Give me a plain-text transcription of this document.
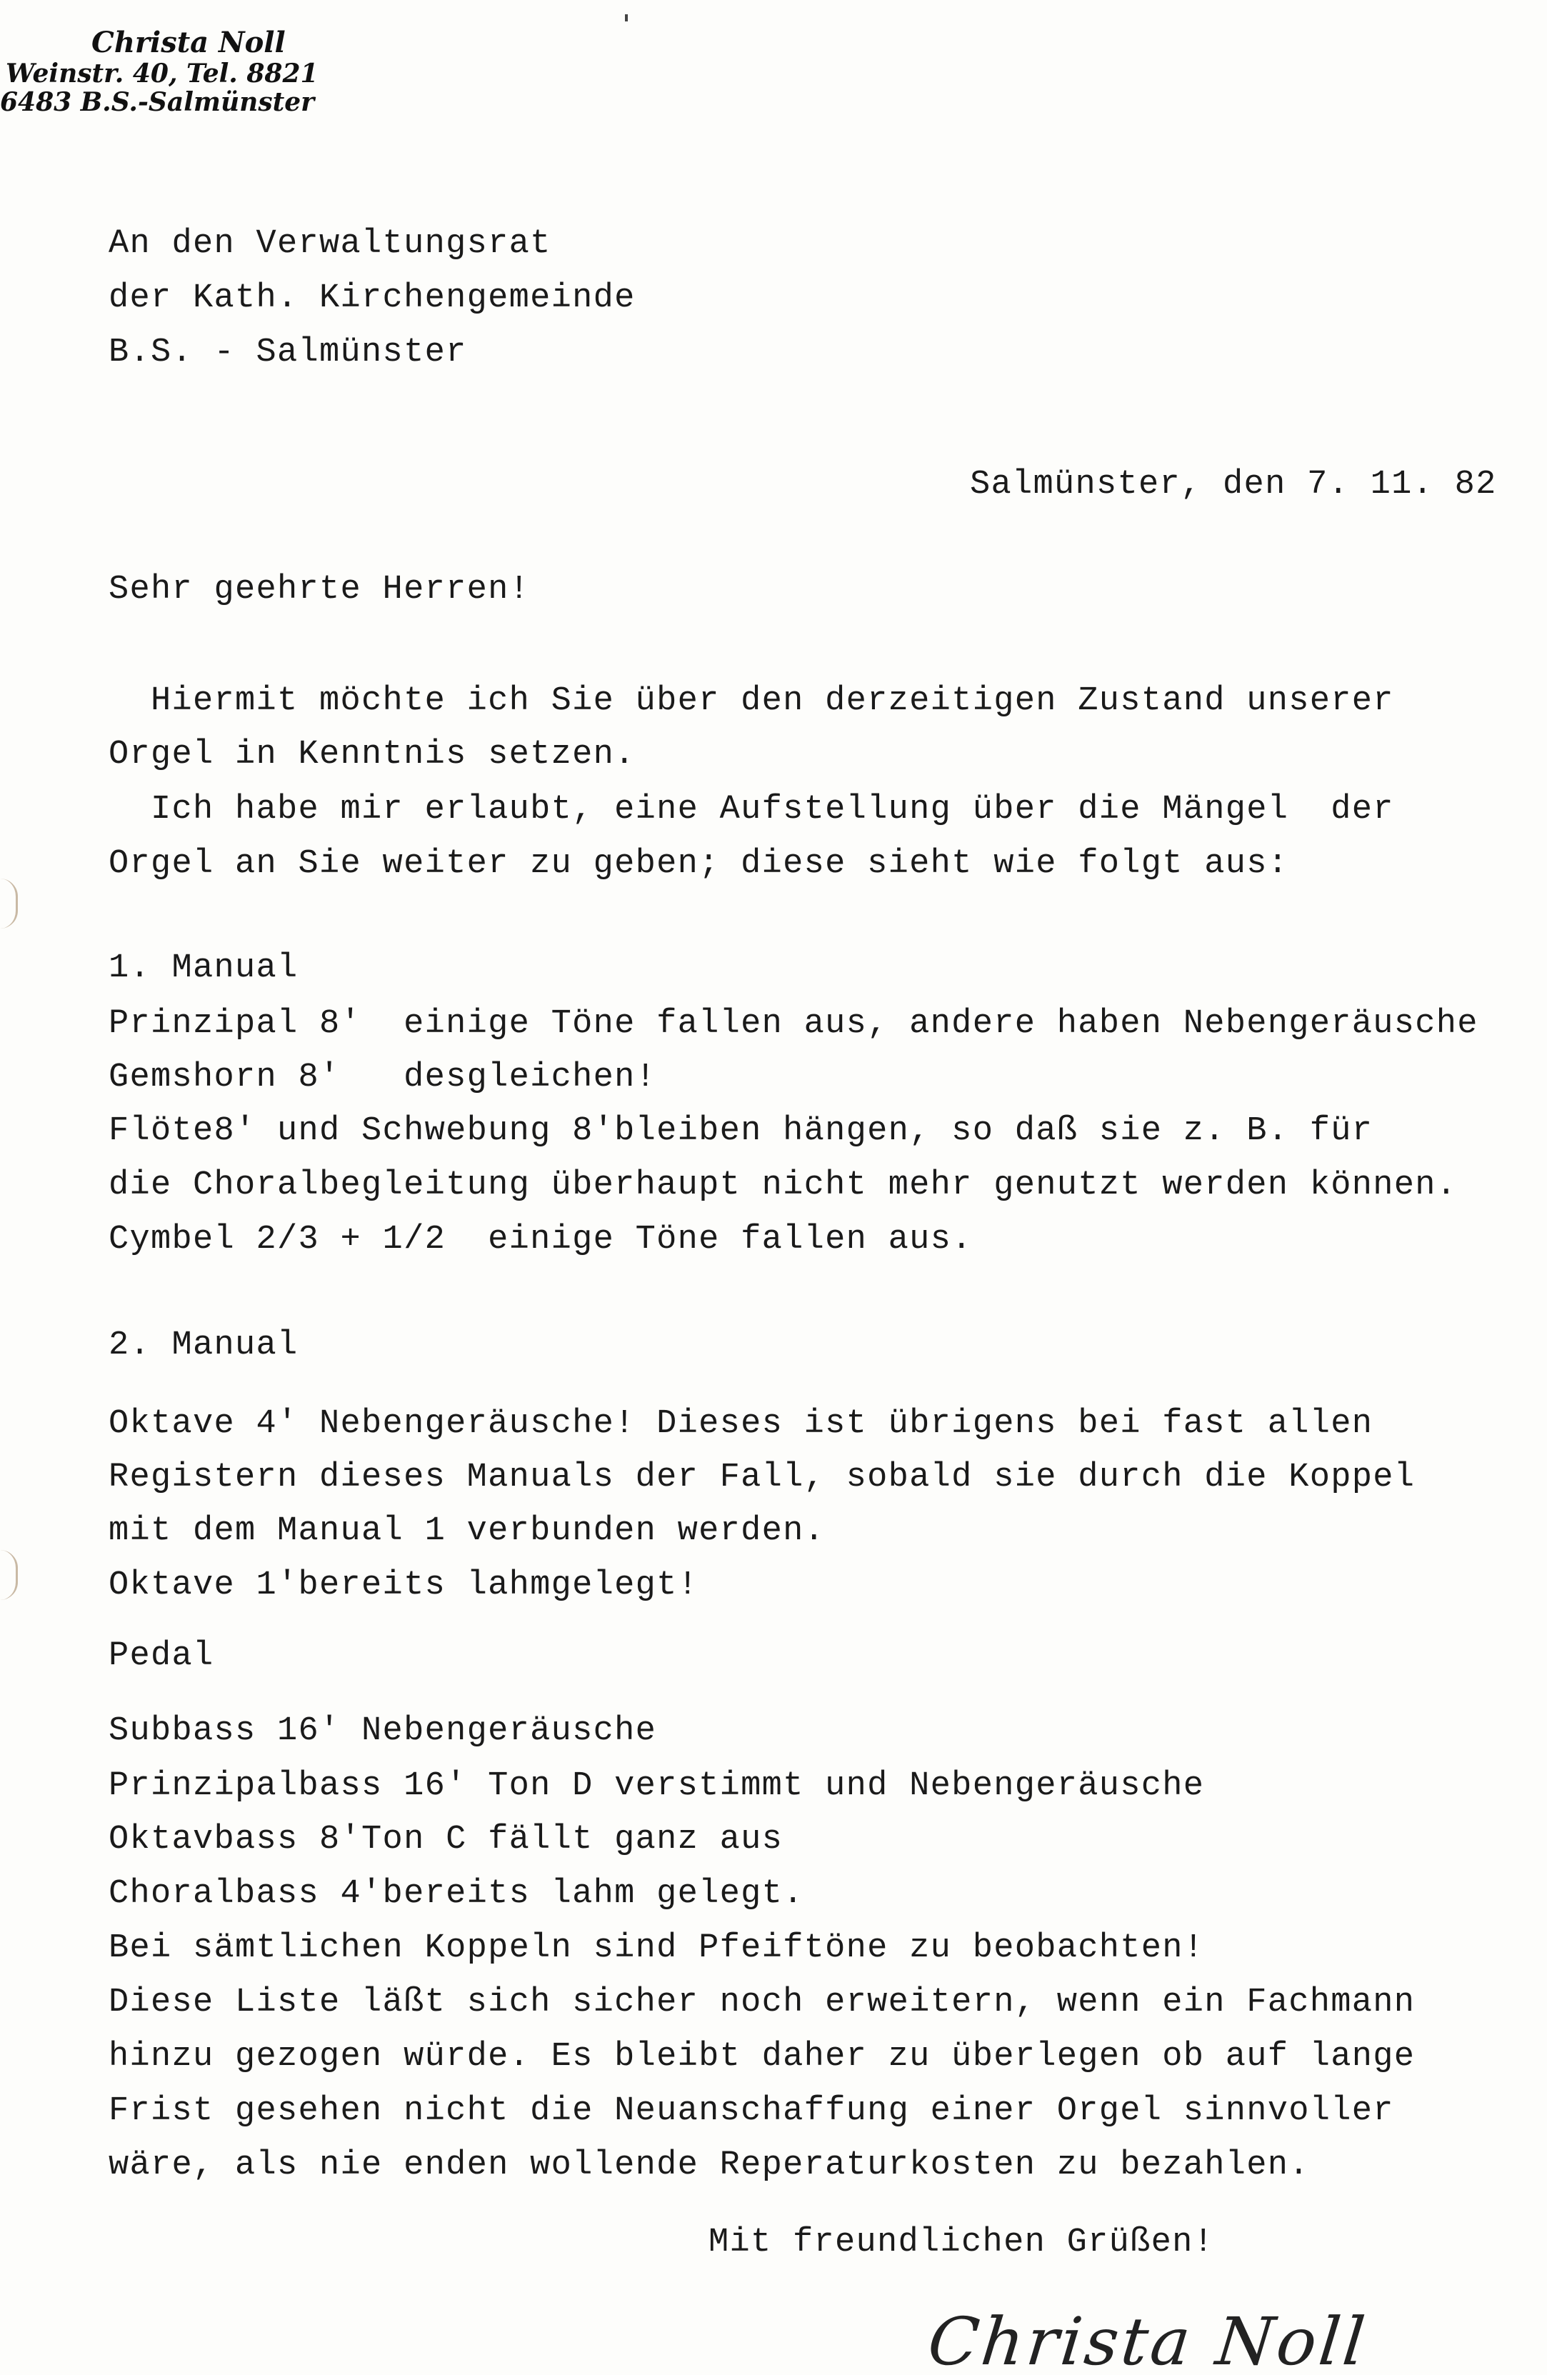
Christa Noll
Weinstr. 40, Tel. 8821
6483 B.S.-Salmünster
An den Verwaltungsrat
der Kath. Kirchengemeinde
B.S. - Salmünster
Salmünster, den 7. 11. 82
Sehr geehrte Herren!
Hiermit möchte ich Sie über den derzeitigen Zustand unserer
Orgel in Kenntnis setzen.
Ich habe mir erlaubt, eine Aufstellung über die Mängel  der
Orgel an Sie weiter zu geben; diese sieht wie folgt aus:
1. Manual
Prinzipal 8'  einige Töne fallen aus, andere haben Nebengeräusche
Gemshorn 8'   desgleichen!
Flöte8' und Schwebung 8'bleiben hängen, so daß sie z. B. für
die Choralbegleitung überhaupt nicht mehr genutzt werden können.
Cymbel 2/3 + 1/2  einige Töne fallen aus.
2. Manual
Oktave 4' Nebengeräusche! Dieses ist übrigens bei fast allen
Registern dieses Manuals der Fall, sobald sie durch die Koppel
mit dem Manual 1 verbunden werden.
Oktave 1'bereits lahmgelegt!
Pedal
Subbass 16' Nebengeräusche
Prinzipalbass 16' Ton D verstimmt und Nebengeräusche
Oktavbass 8'Ton C fällt ganz aus
Choralbass 4'bereits lahm gelegt.
Bei sämtlichen Koppeln sind Pfeiftöne zu beobachten!
Diese Liste läßt sich sicher noch erweitern, wenn ein Fachmann
hinzu gezogen würde. Es bleibt daher zu überlegen ob auf lange
Frist gesehen nicht die Neuanschaffung einer Orgel sinnvoller
wäre, als nie enden wollende Reperaturkosten zu bezahlen.
Mit freundlichen Grüßen!
Christa Noll
